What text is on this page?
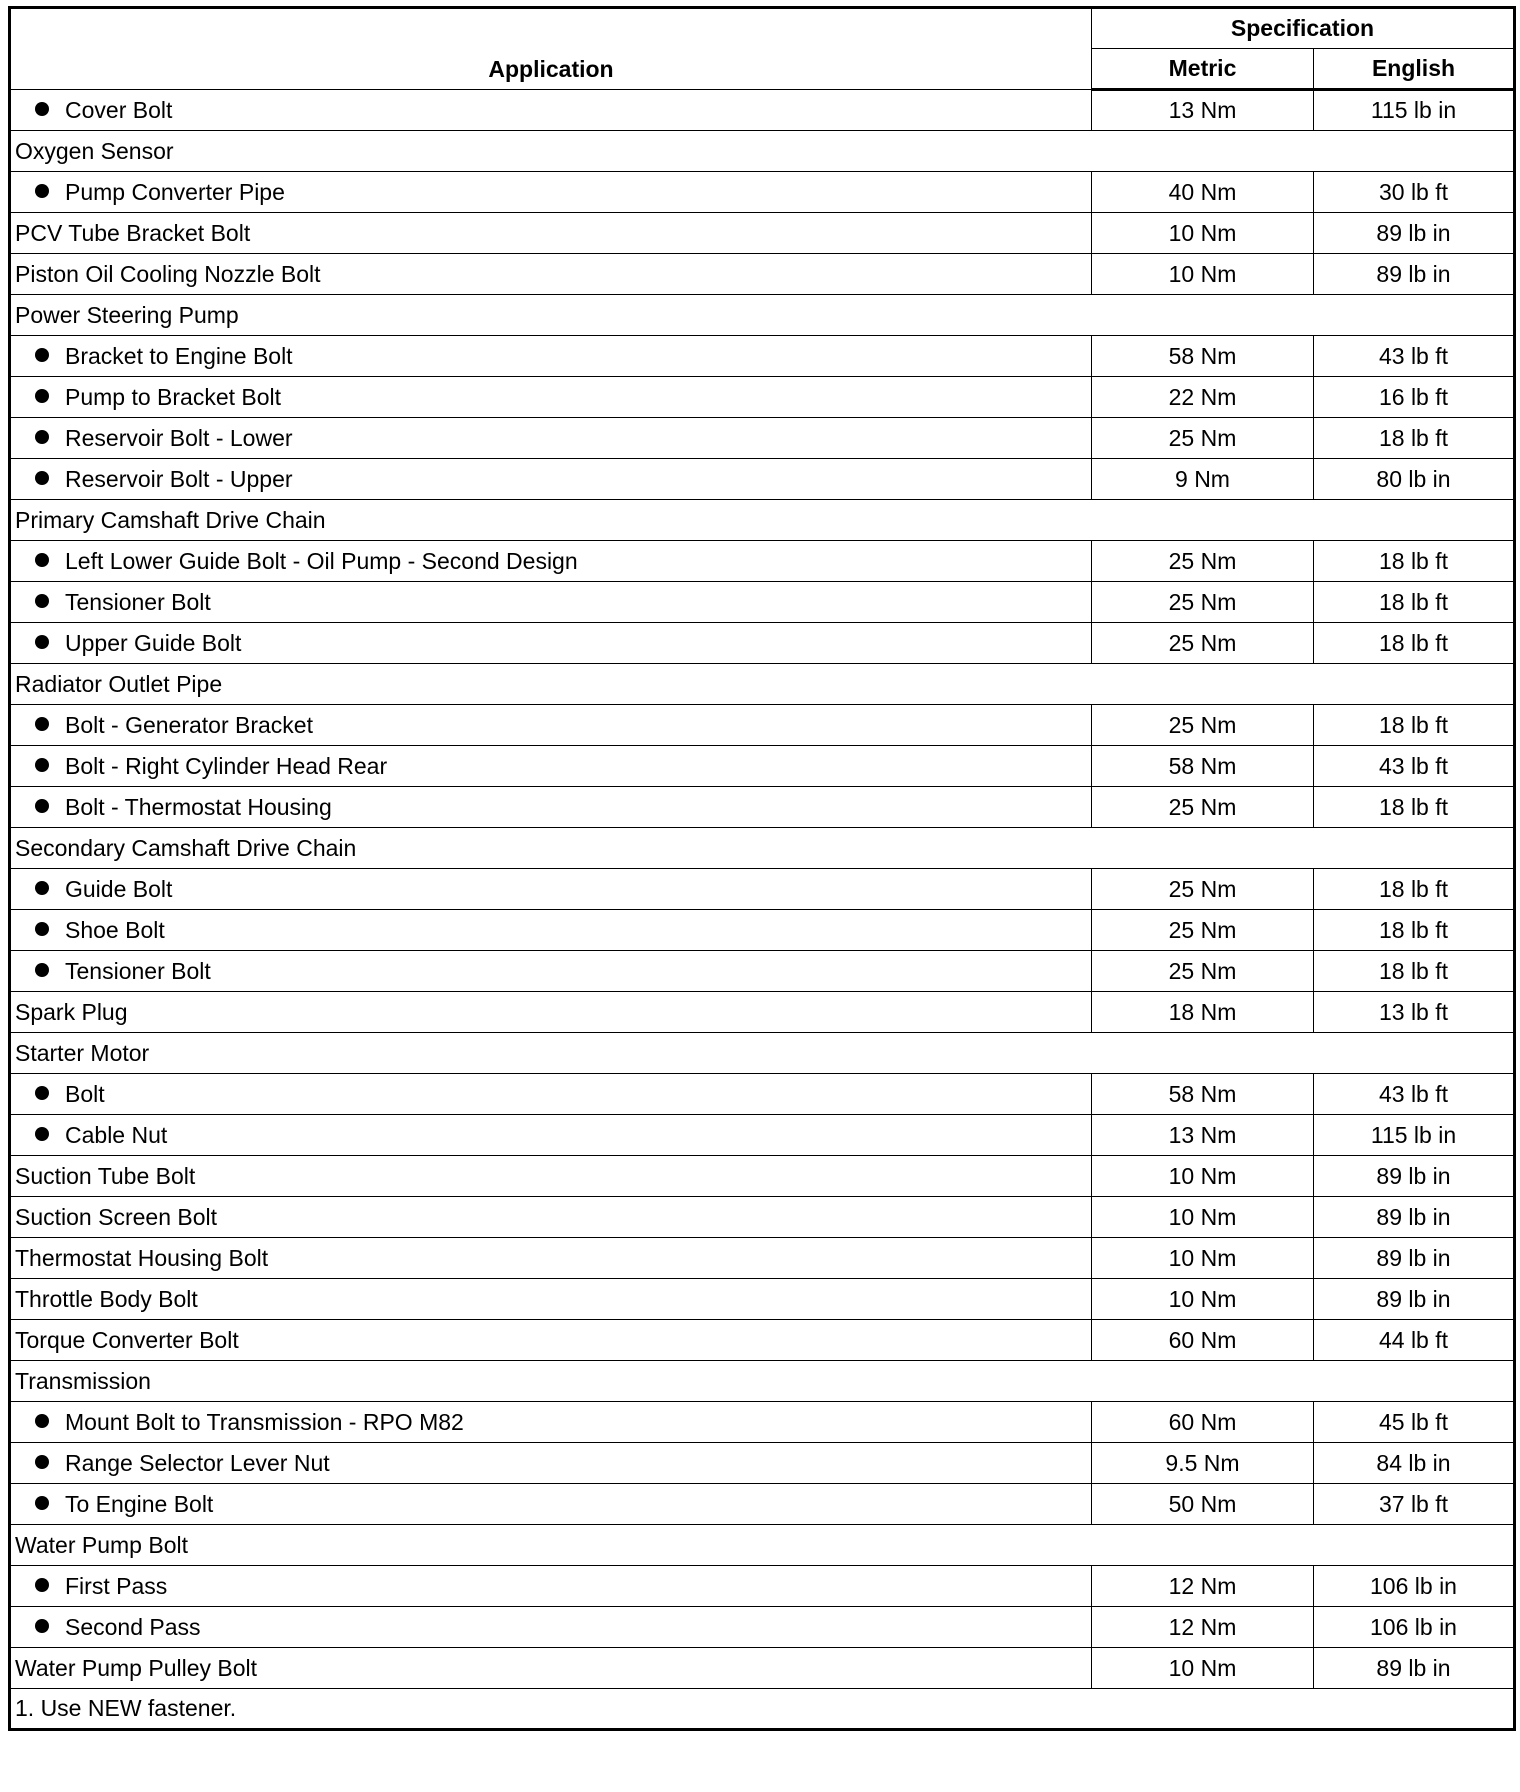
Application	Specification	
	Metric	English
Cover Bolt	13 Nm	115 lb in
Oxygen Sensor		
Pump Converter Pipe	40 Nm	30 lb ft
PCV Tube Bracket Bolt	10 Nm	89 lb in
Piston Oil Cooling Nozzle Bolt	10 Nm	89 lb in
Power Steering Pump		
Bracket to Engine Bolt	58 Nm	43 lb ft
Pump to Bracket Bolt	22 Nm	16 lb ft
Reservoir Bolt - Lower	25 Nm	18 lb ft
Reservoir Bolt - Upper	9 Nm	80 lb in
Primary Camshaft Drive Chain		
Left Lower Guide Bolt - Oil Pump - Second Design	25 Nm	18 lb ft
Tensioner Bolt	25 Nm	18 lb ft
Upper Guide Bolt	25 Nm	18 lb ft
Radiator Outlet Pipe		
Bolt - Generator Bracket	25 Nm	18 lb ft
Bolt - Right Cylinder Head Rear	58 Nm	43 lb ft
Bolt - Thermostat Housing	25 Nm	18 lb ft
Secondary Camshaft Drive Chain		
Guide Bolt	25 Nm	18 lb ft
Shoe Bolt	25 Nm	18 lb ft
Tensioner Bolt	25 Nm	18 lb ft
Spark Plug	18 Nm	13 lb ft
Starter Motor		
Bolt	58 Nm	43 lb ft
Cable Nut	13 Nm	115 lb in
Suction Tube Bolt	10 Nm	89 lb in
Suction Screen Bolt	10 Nm	89 lb in
Thermostat Housing Bolt	10 Nm	89 lb in
Throttle Body Bolt	10 Nm	89 lb in
Torque Converter Bolt	60 Nm	44 lb ft
Transmission		
Mount Bolt to Transmission - RPO M82	60 Nm	45 lb ft
Range Selector Lever Nut	9.5 Nm	84 lb in
To Engine Bolt	50 Nm	37 lb ft
Water Pump Bolt		
First Pass	12 Nm	106 lb in
Second Pass	12 Nm	106 lb in
Water Pump Pulley Bolt	10 Nm	89 lb in
1. Use NEW fastener.		
